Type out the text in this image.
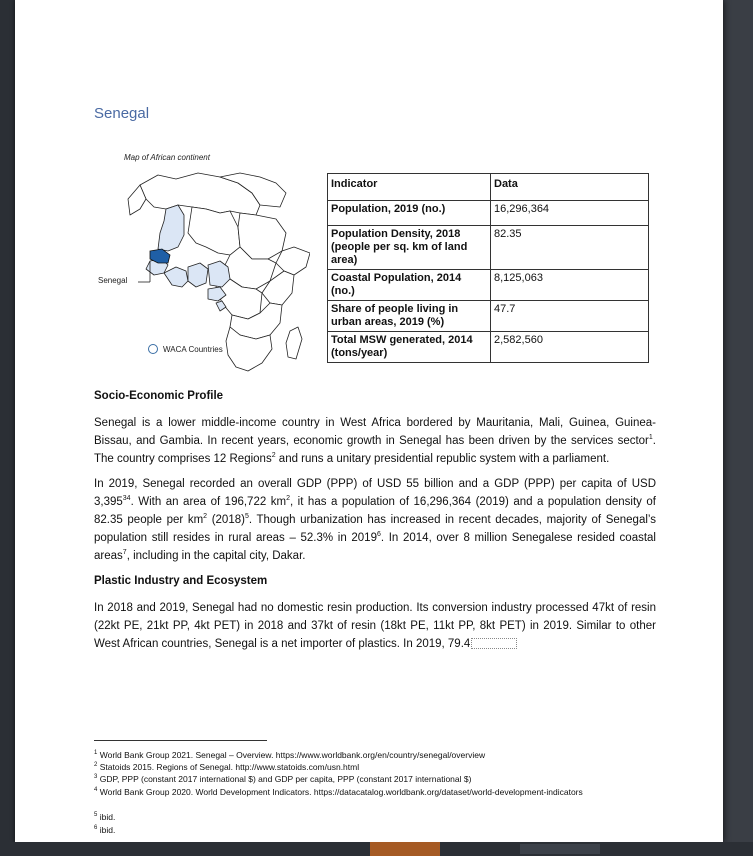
Senegal
Map of African continent
Senegal
WACA Countries
Indicator	Data
Population, 2019 (no.)	16,296,364
Population Density, 2018 (people per sq. km of land area)	82.35
Coastal Population, 2014 (no.)	8,125,063
Share of people living in urban areas, 2019 (%)	47.7
Total MSW generated, 2014 (tons/year)	2,582,560
Socio-Economic Profile
Senegal is a lower middle-income country in West Africa bordered by Mauritania, Mali, Guinea, Guinea-Bissau, and Gambia. In recent years, economic growth in Senegal has been driven by the services sector$^1$. The country comprises 12 Regions$^2$ and runs a unitary presidential republic system with a parliament.
In 2019, Senegal recorded an overall GDP (PPP) of USD 55 billion and a GDP (PPP) per capita of USD 3,395$^{34}$. With an area of 196,722 $km^2$, it has a population of 16,296,364 (2019) and a population density of 82.35 people per $km^2$ $(2018)^5$. Though urbanization has increased in recent decades, majority of Senegal’s population still resides in rural areas – 52.3% in 2019$^6$. In 2014, over 8 million Senegalese resided coastal areas$^7$, including in the capital city, Dakar.
Plastic Industry and Ecosystem
In 2018 and 2019, Senegal had no domestic resin production. Its conversion industry processed 47kt of resin (22kt PE, 21kt PP, 4kt PET) in 2018 and 37kt of resin (18kt PE, 11kt PP, 8kt PET) in 2019. Similar to other West African countries, Senegal is a net importer of plastics. In 2019, 79.4
$^1$ World Bank Group 2021. Senegal – Overview. https://www.worldbank.org/en/country/senegal/overview
$^2$ Statoids 2015. Regions of Senegal. http://www.statoids.com/usn.html
$^3$ GDP, PPP (constant 2017 international $) and GDP per capita, PPP (constant 2017 international $)
$^4$ World Bank Group 2020. World Development Indicators. https://datacatalog.worldbank.org/dataset/world-development-indicators
$^5$ ibid.
$^6$ ibid.
